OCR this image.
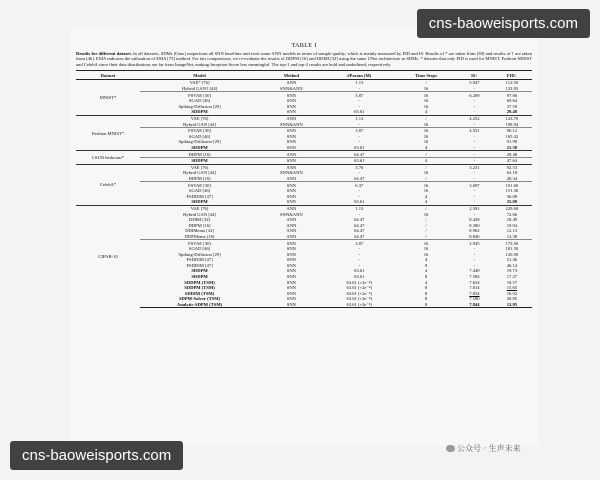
TABLE I
Results for different dataset. In all datasets, SDMs (Ours) outperform all SNN baselines and even some ANN models in terms of sample quality, which is mainly measured by FID and IS. Results of * are taken from [30] and results of † are taken from [46]. EMA indicates the utilization of EMA [75] method. For fair comparisons, we re-evaluate the results of DDPM [16] and DDIM [32] using the same UNet architecture as SDMs. * denotes that only FID is used for MNIST, Fashion-MNIST and CelebA since their data distributions are far from ImageNet, making Inception Score less meaningful. The top-1 and top-2 results are bold and underlined, respectively.
Dataset	Model	Method	#Param (M)	Time Steps	IS↑	FID↓
MNIST*	VAE* [76]	ANN	1.13	/	5.947	112.50
	Hybrid GAN† [44]	SNN&ANN	-	16	-	123.93
	FSVAE [30]	SNN	3.87	16	6.209	97.06
	SGAD [46]	SNN	-	16	-	69.64
	Spiking-Diffusion [29]	SNN	-	16	-	37.50
	SDDPM	SNN	63.61	4	-	29.48
Fashion MNIST*	VAE [76]	ANN	1.13	/	4.252	123.70
	Hybrid GAN [44]	SNN&ANN	-	16	-	198.94
	FSVAE [30]	SNN	3.87	16	4.551	90.12
	SGAD [46]	SNN	-	16	-	165.42
	Spiking-Diffusion [29]	SNN	-	16	-	91.98
	SDDPM	SNN	63.61	4	-	21.38
LSUN bedroom*	DDPM [16]	ANN	64.47	/	-	29.48
	SDDPM	SNN	63.61	4	-	47.64
CelebA*	VAE [76]	ANN	3.76	/	3.231	92.53
	Hybrid GAN [44]	SNN&ANN	-	16	-	63.18
	DDPM [16]	ANN	64.47	/	-	20.34
	FSVAE [30]	SNN	6.37	16	3.697	101.60
	SGAD [46]	SNN	-	16	-	151.36
	FSDDIM [47]	SNN	-	4	-	36.08
	SDDPM	SNN	63.61	4	-	25.09
CIFAR-10	VAE [76]	ANN	1.13	/	2.591	229.60
	Hybrid GAN [44]	SNN&ANN	-	16	-	72.66
	DDIM [32]	ANN	64.47	/	8.428	18.49
	DDPM [16]	ANN	64.47	/	8.380	19.04
	DDIMema [32]	ANN	64.47	/	8.902	12.13
	DDPMema [16]	ANN	64.47	/	8.846	13.38
	FSVAE [30]	SNN	3.87	16	2.945	175.50
	SGAD [46]	SNN	-	16	-	181.50
	Spiking-Diffusion [29]	SNN	-	16	-	120.50
	FSDDIM [47]	SNN	-	4	-	51.46
	FSDDIM [47]	SNN	-	8	-	46.14
	SDDPM	SNN	63.61	4	7.440	19.73
	SDDPM	SNN	63.61	8	7.584	17.27
	SDDPM (TSM)	SNN	63.61 (+2e⁻⁴)	4	7.654	18.57
	SDDPM (TSM)	SNN	63.61 (+2e⁻⁴)	8	7.814	15.65
	SDDIM (TSM)	SNN	63.61 (+2e⁻⁴)	8	7.834	16.02
	SDPM-Solver (TSM)	SNN	63.61 (+2e⁻⁴)	8	7.180	20.85
	Analytic-SDPM (TSM)	SNN	63.61 (+2e⁻⁴)	8	7.844	12.95
公众号 · 生声未来
cns-baoweisports.com
cns-baoweisports.com
